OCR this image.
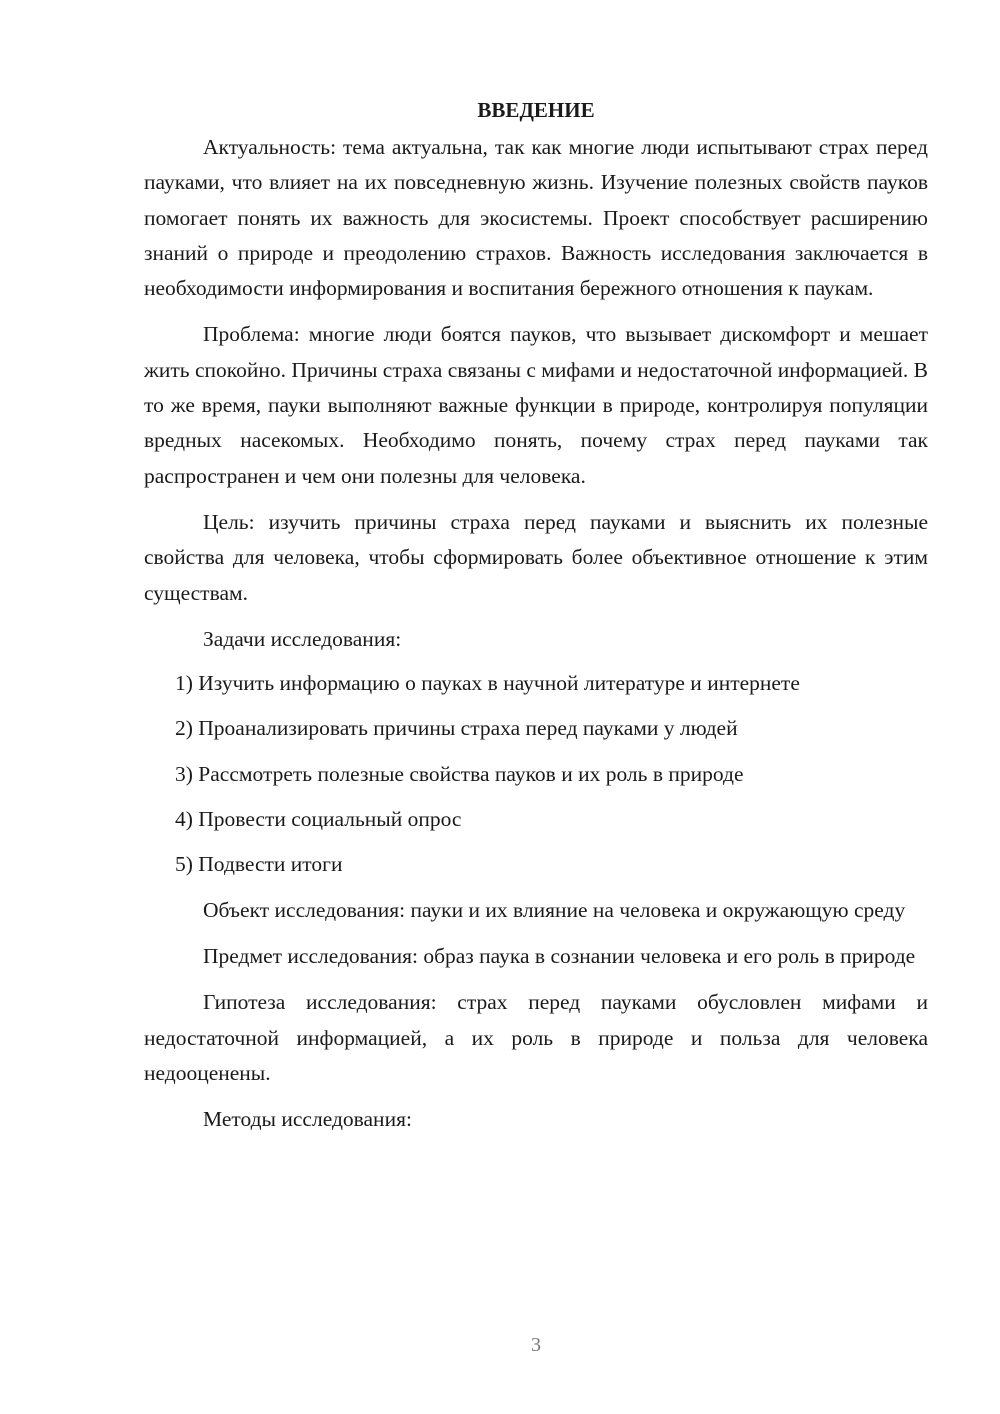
ВВЕДЕНИЕ

Актуальность: тема актуальна, так как многие люди испытывают страх перед пауками, что влияет на их повседневную жизнь. Изучение полезных свойств пауков помогает понять их важность для экосистемы. Проект способствует расширению знаний о природе и преодолению страхов. Важность исследования заключается в необходимости информирования и воспитания бережного отношения к паукам.

Проблема: многие люди боятся пауков, что вызывает дискомфорт и мешает жить спокойно. Причины страха связаны с мифами и недостаточной информацией. В то же время, пауки выполняют важные функции в природе, контролируя популяции вредных насекомых. Необходимо понять, почему страх перед пауками так распространен и чем они полезны для человека.

Цель: изучить причины страха перед пауками и выяснить их полезные свойства для человека, чтобы сформировать более объективное отношение к этим существам.

Задачи исследования:

1) Изучить информацию о пауках в научной литературе и интернете
2) Проанализировать причины страха перед пауками у людей
3) Рассмотреть полезные свойства пауков и их роль в природе
4) Провести социальный опрос
5) Подвести итоги

Объект исследования: пауки и их влияние на человека и окружающую среду

Предмет исследования: образ паука в сознании человека и его роль в природе

Гипотеза исследования: страх перед пауками обусловлен мифами и недостаточной информацией, а их роль в природе и польза для человека недооценены.

Методы исследования:

3
